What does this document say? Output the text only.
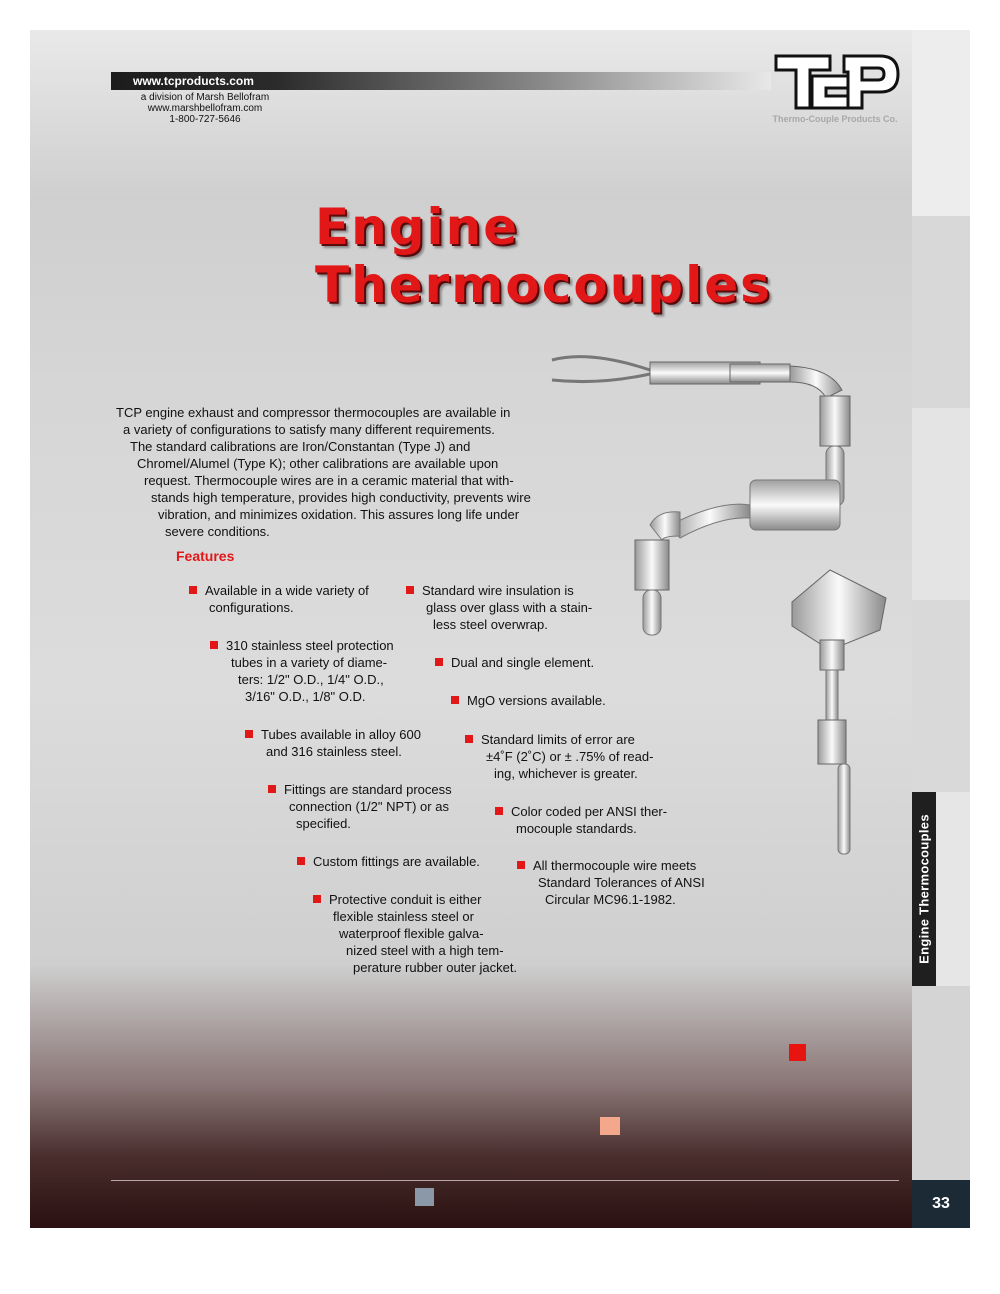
www.tcproducts.com
a division of Marsh Bellofram
www.marshbellofram.com
1-800-727-5646	Thermo-Couple Products Co.
Engine
Thermocouples
TCP engine exhaust and compressor thermocouples are available in
a variety of configurations to satisfy many different requirements.
The standard calibrations are Iron/Constantan (Type J) and
Chromel/Alumel (Type K); other calibrations are available upon
request. Thermocouple wires are in a ceramic material that with-
stands high temperature, provides high conductivity, prevents wire
vibration, and minimizes oxidation. This assures long life under
severe conditions.
Features
Available in a wide variety of
configurations.
Standard wire insulation is
glass over glass with a stain-
less steel overwrap.
310 stainless steel protection
tubes in a variety of diame-
ters: 1/2" O.D., 1/4" O.D.,
3/16" O.D., 1/8" O.D.
Dual and single element.
MgO versions available.
Tubes available in alloy 600
and 316 stainless steel.
Standard limits of error are
±4˚F (2˚C) or ± .75% of read-
ing, whichever is greater.
Fittings are standard process
connection (1/2" NPT) or as
specified.
Color coded per ANSI ther-
mocouple standards.
Custom fittings are available.	All thermocouple wire meets
Standard Tolerances of ANSI
Circular MC96.1-1982.
Protective conduit is either
flexible stainless steel or
waterproof flexible galva-
nized steel with a high tem-
perature rubber outer jacket.
Engine Thermocouples
33
